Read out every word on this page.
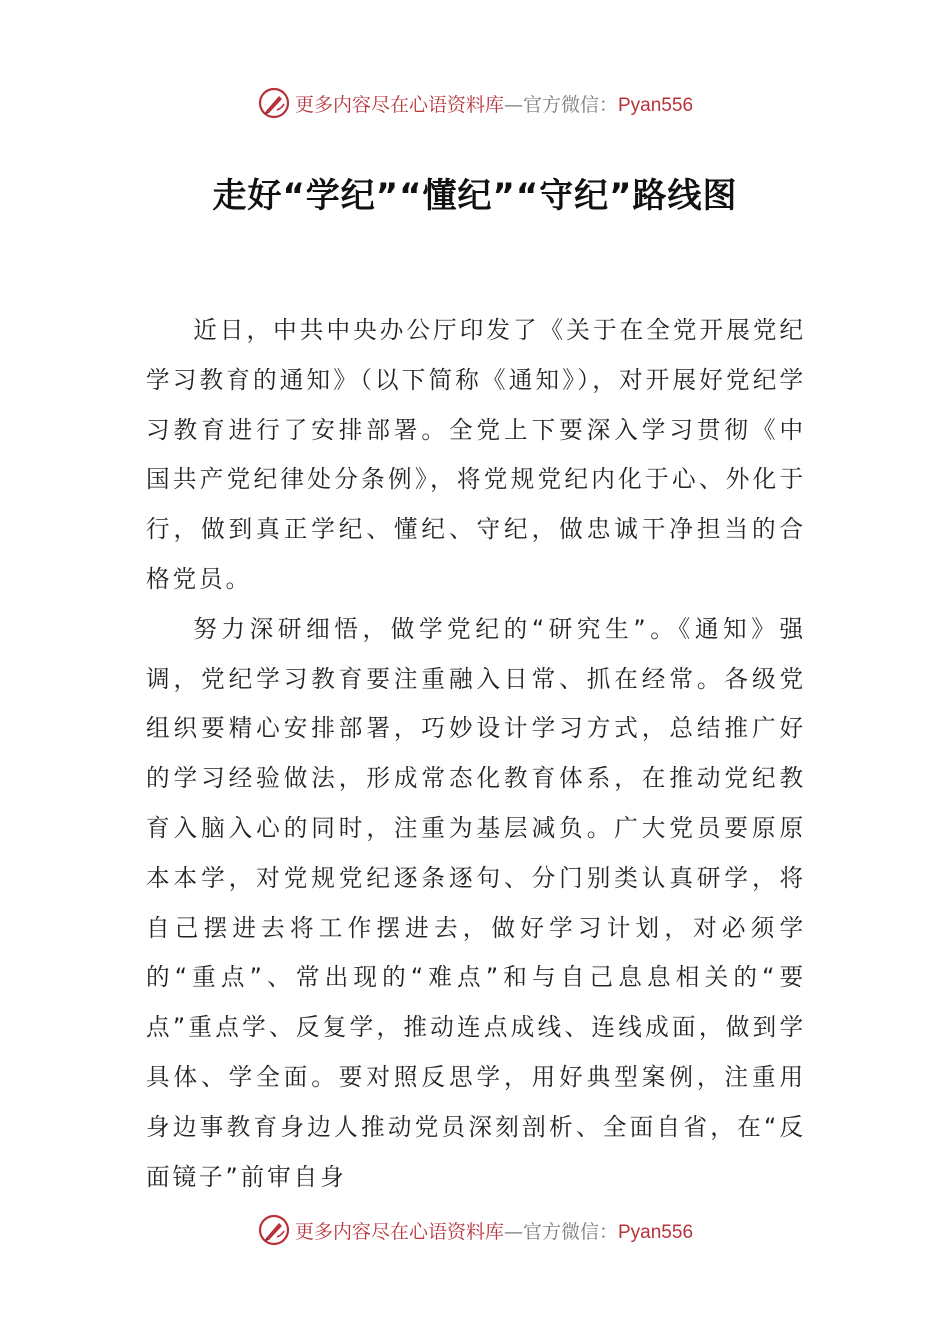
更多内容尽在心语资料库—官方微信：Pyan556
走好“学纪”“懂纪”“守纪”路线图

近日，中共中央办公厅印发了《关于在全党开展党纪学习教育的通知》（以下简称《通知》），对开展好党纪学习教育进行了安排部署。全党上下要深入学习贯彻《中国共产党纪律处分条例》，将党规党纪内化于心、外化于行，做到真正学纪、懂纪、守纪，做忠诚干净担当的合格党员。

努力深研细悟，做学党纪的“研究生”。《通知》强调，党纪学习教育要注重融入日常、抓在经常。各级党组织要精心安排部署，巧妙设计学习方式，总结推广好的学习经验做法，形成常态化教育体系，在推动党纪教育入脑入心的同时，注重为基层减负。广大党员要原原本本学，对党规党纪逐条逐句、分门别类认真研学，将自己摆进去将工作摆进去，做好学习计划，对必须学的“重点”、常出现的“难点”和与自己息息相关的“要点”重点学、反复学，推动连点成线、连线成面，做到学具体、学全面。要对照反思学，用好典型案例，注重用身边事教育身边人推动党员深刻剖析、全面自省，在“反面镜子”前审自身

更多内容尽在心语资料库—官方微信：Pyan556
